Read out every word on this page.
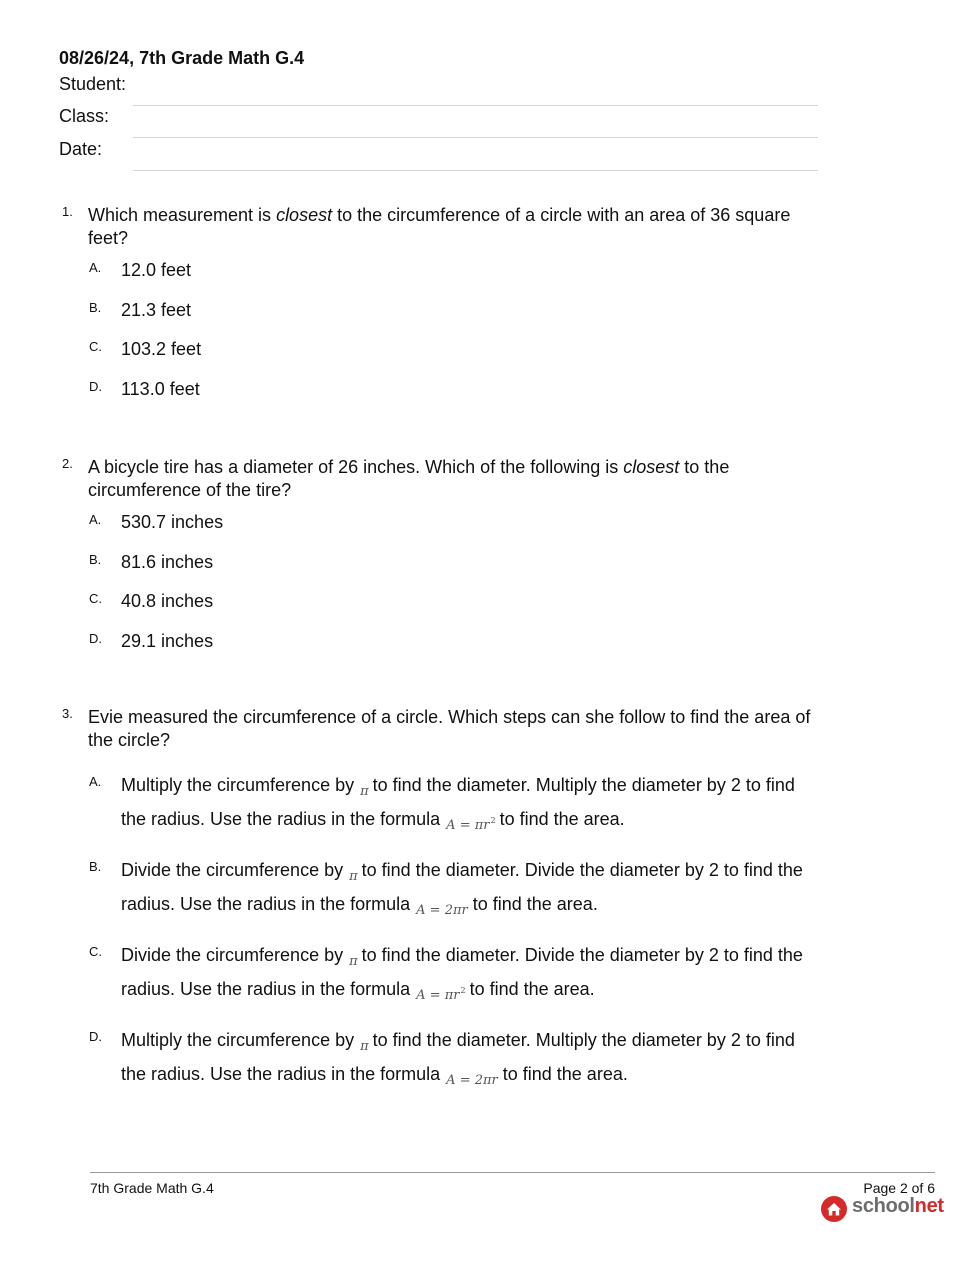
08/26/24, 7th Grade Math G.4
Student:
Class:
Date:
1. Which measurement is closest to the circumference of a circle with an area of 36 square feet?
A. 12.0 feet
B. 21.3 feet
C. 103.2 feet
D. 113.0 feet
2. A bicycle tire has a diameter of 26 inches. Which of the following is closest to the circumference of the tire?
A. 530.7 inches
B. 81.6 inches
C. 40.8 inches
D. 29.1 inches
3. Evie measured the circumference of a circle. Which steps can she follow to find the area of the circle?
A. Multiply the circumference by $_\pi$ to find the diameter. Multiply the diameter by 2 to find the radius. Use the radius in the formula $_{A = \pi r^2}$ to find the area.
B. Divide the circumference by $_\pi$ to find the diameter. Divide the diameter by 2 to find the radius. Use the radius in the formula $_{A = 2\pi r}$ to find the area.
C. Divide the circumference by $_\pi$ to find the diameter. Divide the diameter by 2 to find the radius. Use the radius in the formula $_{A = \pi r^2}$ to find the area.
D. Multiply the circumference by $_\pi$ to find the diameter. Multiply the diameter by 2 to find the radius. Use the radius in the formula $_{A = 2\pi r}$ to find the area.
7th Grade Math G.4	Page 2 of 6
schoolnet
